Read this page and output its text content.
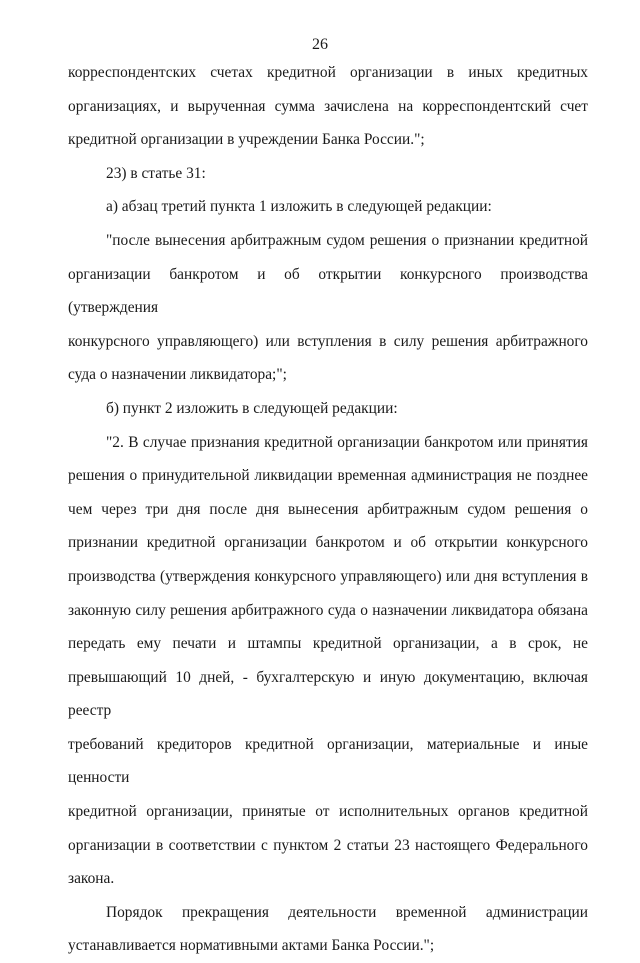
26
корреспондентских счетах кредитной организации в иных кредитных
организациях, и вырученная сумма зачислена на корреспондентский счет
кредитной организации в учреждении Банка России.";
23) в статье 31:
а) абзац третий пункта 1 изложить в следующей редакции:
"после вынесения арбитражным судом решения о признании кредитной
организации банкротом и об открытии конкурсного производства (утверждения
конкурсного управляющего) или вступления в силу решения арбитражного
суда о назначении ликвидатора;";
б) пункт 2 изложить в следующей редакции:
"2. В случае признания кредитной организации банкротом или принятия
решения о принудительной ликвидации временная администрация не позднее
чем через три дня после дня вынесения арбитражным судом решения о
признании кредитной организации банкротом и об открытии конкурсного
производства (утверждения конкурсного управляющего) или дня вступления в
законную силу решения арбитражного суда о назначении ликвидатора обязана
передать ему печати и штампы кредитной организации, а в срок, не
превышающий 10 дней, - бухгалтерскую и иную документацию, включая реестр
требований кредиторов кредитной организации, материальные и иные ценности
кредитной организации, принятые от исполнительных органов кредитной
организации в соответствии с пунктом 2 статьи 23 настоящего Федерального
закона.
Порядок прекращения деятельности временной администрации
устанавливается нормативными актами Банка России.";
